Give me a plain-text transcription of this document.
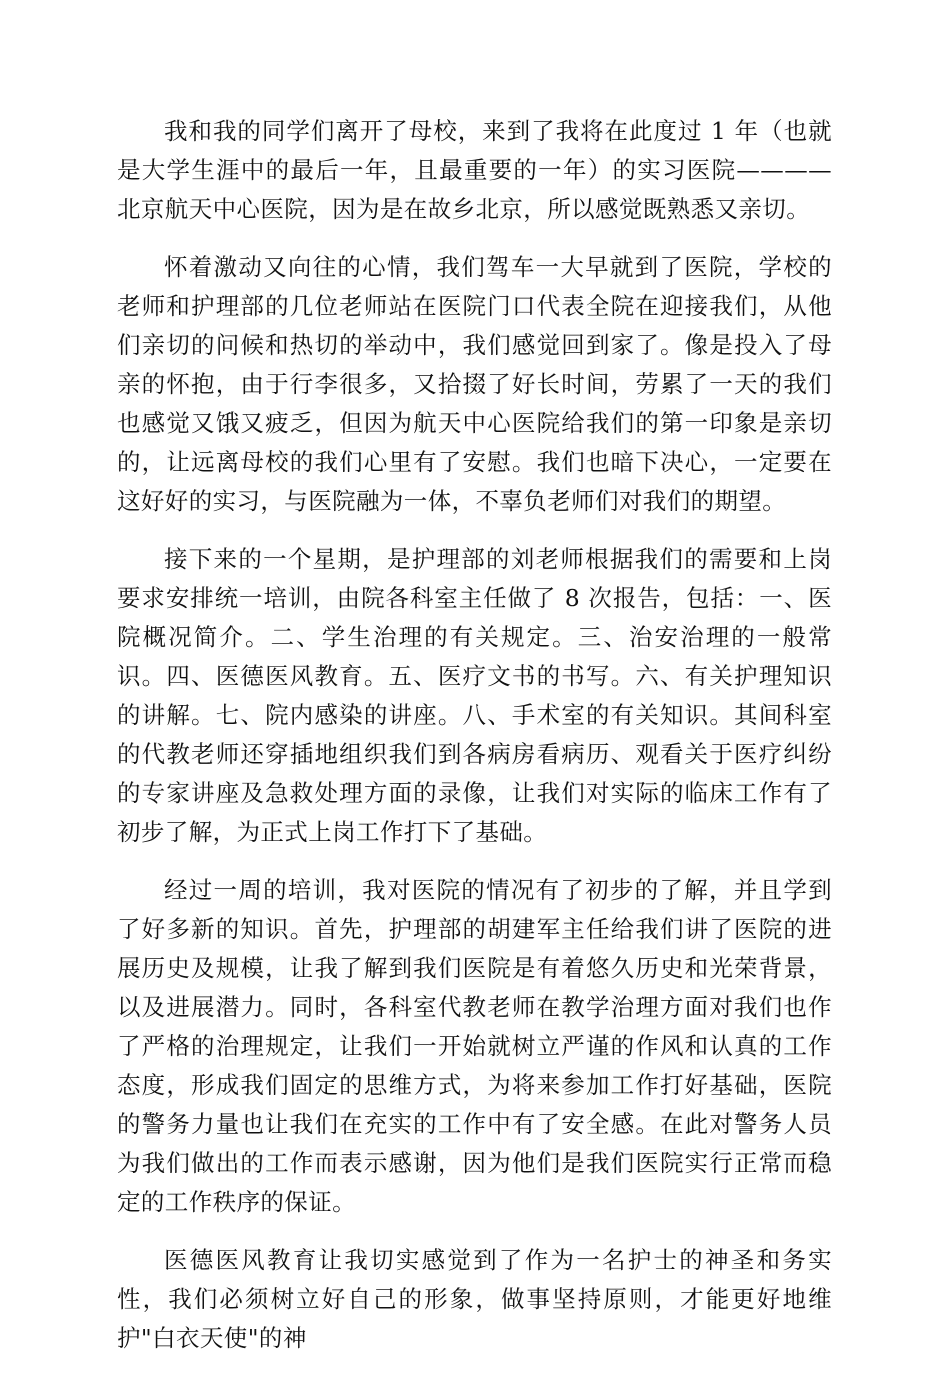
我和我的同学们离开了母校，来到了我将在此度过 1 年（也就是大学生涯中的最后一年，且最重要的一年）的实习医院————北京航天中心医院，因为是在故乡北京，所以感觉既熟悉又亲切。

怀着激动又向往的心情，我们驾车一大早就到了医院，学校的老师和护理部的几位老师站在医院门口代表全院在迎接我们，从他们亲切的问候和热切的举动中，我们感觉回到家了。像是投入了母亲的怀抱，由于行李很多，又拾掇了好长时间，劳累了一天的我们也感觉又饿又疲乏，但因为航天中心医院给我们的第一印象是亲切的，让远离母校的我们心里有了安慰。我们也暗下决心，一定要在这好好的实习，与医院融为一体，不辜负老师们对我们的期望。

接下来的一个星期，是护理部的刘老师根据我们的需要和上岗要求安排统一培训，由院各科室主任做了 8 次报告，包括：一、医院概况简介。二、学生治理的有关规定。三、治安治理的一般常识。四、医德医风教育。五、医疗文书的书写。六、有关护理知识的讲解。七、院内感染的讲座。八、手术室的有关知识。其间科室的代教老师还穿插地组织我们到各病房看病历、观看关于医疗纠纷的专家讲座及急救处理方面的录像，让我们对实际的临床工作有了初步了解，为正式上岗工作打下了基础。

经过一周的培训，我对医院的情况有了初步的了解，并且学到了好多新的知识。首先，护理部的胡建军主任给我们讲了医院的进展历史及规模，让我了解到我们医院是有着悠久历史和光荣背景，以及进展潜力。同时，各科室代教老师在教学治理方面对我们也作了严格的治理规定，让我们一开始就树立严谨的作风和认真的工作态度，形成我们固定的思维方式，为将来参加工作打好基础，医院的警务力量也让我们在充实的工作中有了安全感。在此对警务人员为我们做出的工作而表示感谢，因为他们是我们医院实行正常而稳定的工作秩序的保证。

医德医风教育让我切实感觉到了作为一名护士的神圣和务实性，我们必须树立好自己的形象，做事坚持原则，才能更好地维护"白衣天使"的神
